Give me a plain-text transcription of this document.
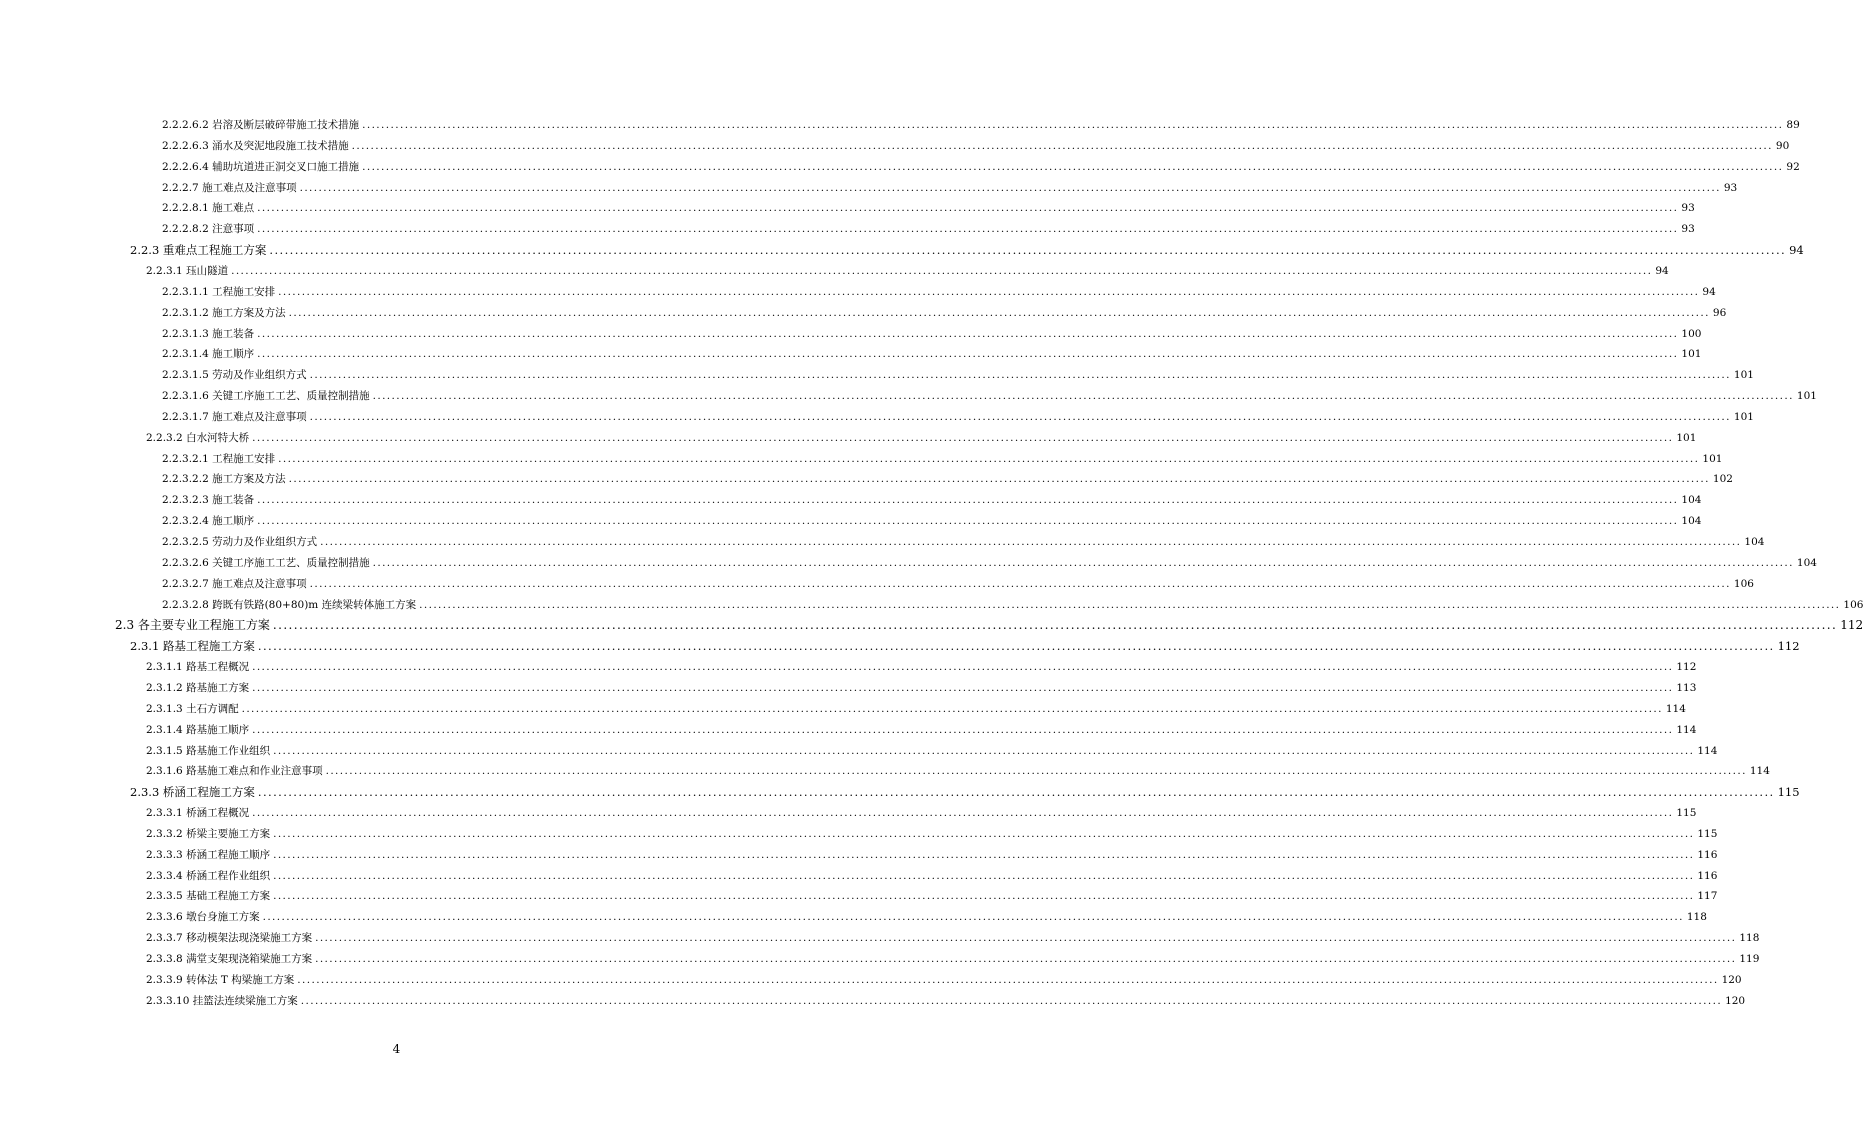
2.2.2.6.2 岩溶及断层破碎带施工技术措施 ............................................................................................................................................................................................................................................................................................................ 89
2.2.2.6.3 涌水及突泥地段施工技术措施 ............................................................................................................................................................................................................................................................................................................ 90
2.2.2.6.4 辅助坑道进正洞交叉口施工措施 ............................................................................................................................................................................................................................................................................................................ 92
2.2.2.7 施工难点及注意事项 ............................................................................................................................................................................................................................................................................................................ 93
2.2.2.8.1 施工难点 ............................................................................................................................................................................................................................................................................................................ 93
2.2.2.8.2 注意事项 ............................................................................................................................................................................................................................................................................................................ 93
2.2.3 重难点工程施工方案 ............................................................................................................................................................................................................................................................................................................ 94
2.2.3.1 珏山隧道 ............................................................................................................................................................................................................................................................................................................ 94
2.2.3.1.1 工程施工安排 ............................................................................................................................................................................................................................................................................................................ 94
2.2.3.1.2 施工方案及方法 ............................................................................................................................................................................................................................................................................................................ 96
2.2.3.1.3 施工装备 ............................................................................................................................................................................................................................................................................................................ 100
2.2.3.1.4 施工顺序 ............................................................................................................................................................................................................................................................................................................ 101
2.2.3.1.5 劳动及作业组织方式 ............................................................................................................................................................................................................................................................................................................ 101
2.2.3.1.6 关键工序施工工艺、质量控制措施 ............................................................................................................................................................................................................................................................................................................ 101
2.2.3.1.7 施工难点及注意事项 ............................................................................................................................................................................................................................................................................................................ 101
2.2.3.2 白水河特大桥 ............................................................................................................................................................................................................................................................................................................ 101
2.2.3.2.1 工程施工安排 ............................................................................................................................................................................................................................................................................................................ 101
2.2.3.2.2 施工方案及方法 ............................................................................................................................................................................................................................................................................................................ 102
2.2.3.2.3 施工装备 ............................................................................................................................................................................................................................................................................................................ 104
2.2.3.2.4 施工顺序 ............................................................................................................................................................................................................................................................................................................ 104
2.2.3.2.5 劳动力及作业组织方式 ............................................................................................................................................................................................................................................................................................................ 104
2.2.3.2.6 关键工序施工工艺、质量控制措施 ............................................................................................................................................................................................................................................................................................................ 104
2.2.3.2.7 施工难点及注意事项 ............................................................................................................................................................................................................................................................................................................ 106
2.2.3.2.8 跨既有铁路(80+80)m 连续梁转体施工方案 ............................................................................................................................................................................................................................................................................................................ 106
2.3 各主要专业工程施工方案 ............................................................................................................................................................................................................................................................................................................ 112
2.3.1 路基工程施工方案 ............................................................................................................................................................................................................................................................................................................ 112
2.3.1.1 路基工程概况 ............................................................................................................................................................................................................................................................................................................ 112
2.3.1.2 路基施工方案 ............................................................................................................................................................................................................................................................................................................ 113
2.3.1.3 土石方调配 ............................................................................................................................................................................................................................................................................................................ 114
2.3.1.4 路基施工顺序 ............................................................................................................................................................................................................................................................................................................ 114
2.3.1.5 路基施工作业组织 ............................................................................................................................................................................................................................................................................................................ 114
2.3.1.6 路基施工难点和作业注意事项 ............................................................................................................................................................................................................................................................................................................ 114
2.3.3 桥涵工程施工方案 ............................................................................................................................................................................................................................................................................................................ 115
2.3.3.1 桥涵工程概况 ............................................................................................................................................................................................................................................................................................................ 115
2.3.3.2 桥梁主要施工方案 ............................................................................................................................................................................................................................................................................................................ 115
2.3.3.3 桥涵工程施工顺序 ............................................................................................................................................................................................................................................................................................................ 116
2.3.3.4 桥涵工程作业组织 ............................................................................................................................................................................................................................................................................................................ 116
2.3.3.5 基础工程施工方案 ............................................................................................................................................................................................................................................................................................................ 117
2.3.3.6 墩台身施工方案 ............................................................................................................................................................................................................................................................................................................ 118
2.3.3.7 移动模架法现浇梁施工方案 ............................................................................................................................................................................................................................................................................................................ 118
2.3.3.8 满堂支架现浇箱梁施工方案 ............................................................................................................................................................................................................................................................................................................ 119
2.3.3.9 转体法 T 构梁施工方案 ............................................................................................................................................................................................................................................................................................................ 120
2.3.3.10 挂篮法连续梁施工方案 ............................................................................................................................................................................................................................................................................................................ 120
4
